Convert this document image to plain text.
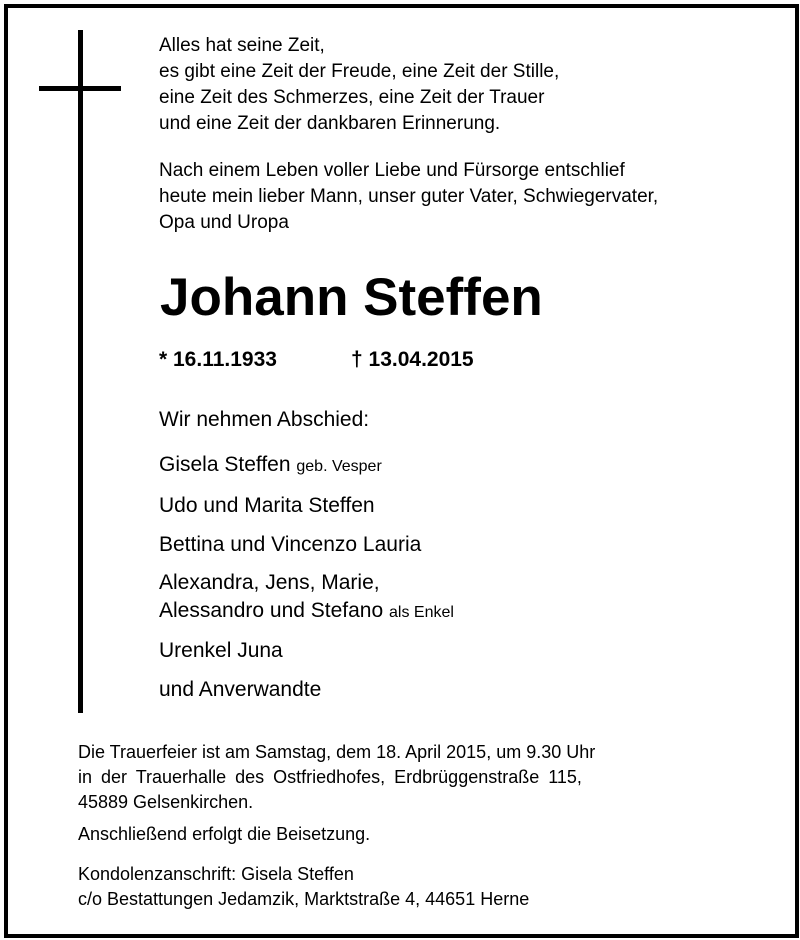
Alles hat seine Zeit,
es gibt eine Zeit der Freude, eine Zeit der Stille,
eine Zeit des Schmerzes, eine Zeit der Trauer
und eine Zeit der dankbaren Erinnerung.
Nach einem Leben voller Liebe und Fürsorge entschlief
heute mein lieber Mann, unser guter Vater, Schwiegervater,
Opa und Uropa
Johann Steffen
* 16.11.1933	† 13.04.2015
Wir nehmen Abschied:
Gisela Steffen geb. Vesper
Udo und Marita Steffen
Bettina und Vincenzo Lauria
Alexandra, Jens, Marie,
Alessandro und Stefano als Enkel
Urenkel Juna
und Anverwandte
Die Trauerfeier ist am Samstag, dem 18. April 2015, um 9.30 Uhr
in der Trauerhalle des Ostfriedhofes, Erdbrüggenstraße 115,
45889 Gelsenkirchen.
Anschließend erfolgt die Beisetzung.
Kondolenzanschrift: Gisela Steffen
c/o Bestattungen Jedamzik, Marktstraße 4, 44651 Herne
